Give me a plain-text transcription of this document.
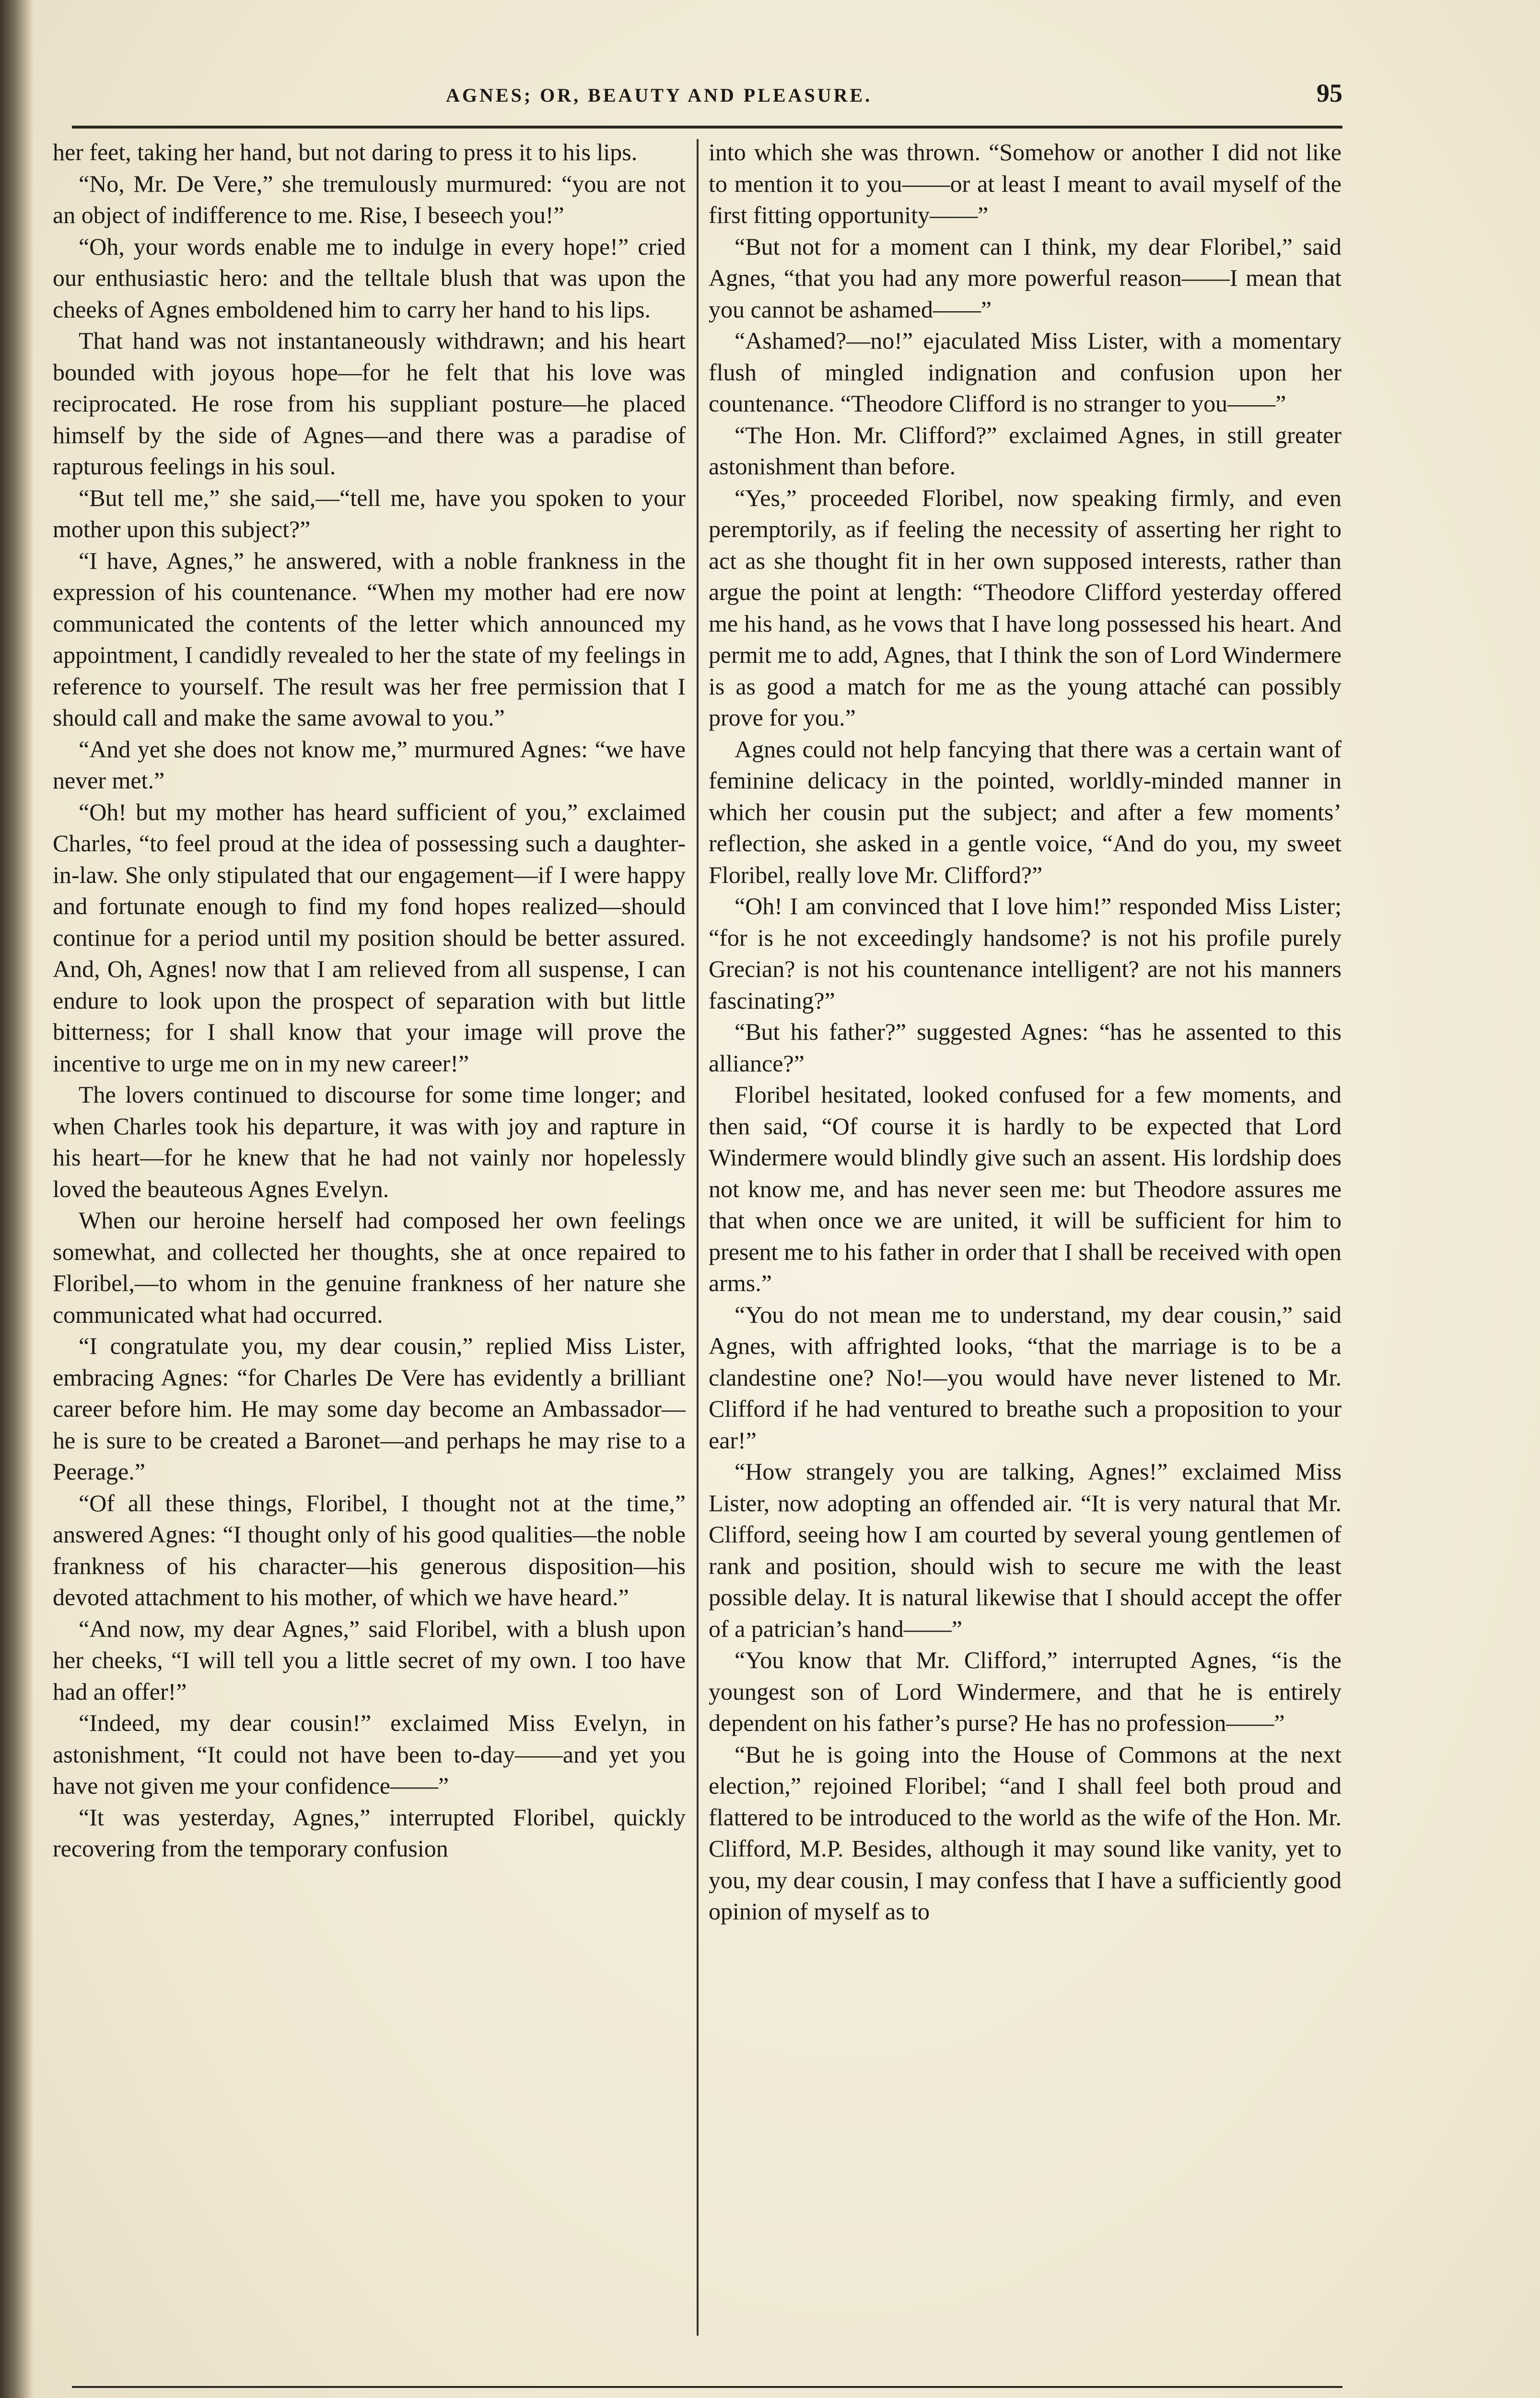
AGNES; OR, BEAUTY AND PLEASURE.	95

her feet, taking her hand, but not daring to press it to his lips.

“No, Mr. De Vere,” she tremulously murmured: “you are not an object of indifference to me. Rise, I beseech you!”

“Oh, your words enable me to indulge in every hope!” cried our enthusiastic hero: and the telltale blush that was upon the cheeks of Agnes emboldened him to carry her hand to his lips.

That hand was not instantaneously withdrawn; and his heart bounded with joyous hope—for he felt that his love was reciprocated. He rose from his suppliant posture—he placed himself by the side of Agnes—and there was a paradise of rapturous feelings in his soul.

“But tell me,” she said,—“tell me, have you spoken to your mother upon this subject?”

“I have, Agnes,” he answered, with a noble frankness in the expression of his countenance. “When my mother had ere now communicated the contents of the letter which announced my appointment, I candidly revealed to her the state of my feelings in reference to yourself. The result was her free permission that I should call and make the same avowal to you.”

“And yet she does not know me,” murmured Agnes: “we have never met.”

“Oh! but my mother has heard sufficient of you,” exclaimed Charles, “to feel proud at the idea of possessing such a daughter-in-law. She only stipulated that our engagement—if I were happy and fortunate enough to find my fond hopes realized—should continue for a period until my position should be better assured. And, Oh, Agnes! now that I am relieved from all suspense, I can endure to look upon the prospect of separation with but little bitterness; for I shall know that your image will prove the incentive to urge me on in my new career!”

The lovers continued to discourse for some time longer; and when Charles took his departure, it was with joy and rapture in his heart—for he knew that he had not vainly nor hopelessly loved the beauteous Agnes Evelyn.

When our heroine herself had composed her own feelings somewhat, and collected her thoughts, she at once repaired to Floribel,—to whom in the genuine frankness of her nature she communicated what had occurred.

“I congratulate you, my dear cousin,” replied Miss Lister, embracing Agnes: “for Charles De Vere has evidently a brilliant career before him. He may some day become an Ambassador—he is sure to be created a Baronet—and perhaps he may rise to a Peerage.”

“Of all these things, Floribel, I thought not at the time,” answered Agnes: “I thought only of his good qualities—the noble frankness of his character—his generous disposition—his devoted attachment to his mother, of which we have heard.”

“And now, my dear Agnes,” said Floribel, with a blush upon her cheeks, “I will tell you a little secret of my own. I too have had an offer!”

“Indeed, my dear cousin!” exclaimed Miss Evelyn, in astonishment, “It could not have been to-day——and yet you have not given me your confidence——”

“It was yesterday, Agnes,” interrupted Floribel, quickly recovering from the temporary confusion

into which she was thrown. “Somehow or another I did not like to mention it to you——or at least I meant to avail myself of the first fitting opportunity——”

“But not for a moment can I think, my dear Floribel,” said Agnes, “that you had any more powerful reason——I mean that you cannot be ashamed——”

“Ashamed?—no!” ejaculated Miss Lister, with a momentary flush of mingled indignation and confusion upon her countenance. “Theodore Clifford is no stranger to you——”

“The Hon. Mr. Clifford?” exclaimed Agnes, in still greater astonishment than before.

“Yes,” proceeded Floribel, now speaking firmly, and even peremptorily, as if feeling the necessity of asserting her right to act as she thought fit in her own supposed interests, rather than argue the point at length: “Theodore Clifford yesterday offered me his hand, as he vows that I have long possessed his heart. And permit me to add, Agnes, that I think the son of Lord Windermere is as good a match for me as the young attaché can possibly prove for you.”

Agnes could not help fancying that there was a certain want of feminine delicacy in the pointed, worldly-minded manner in which her cousin put the subject; and after a few moments’ reflection, she asked in a gentle voice, “And do you, my sweet Floribel, really love Mr. Clifford?”

“Oh! I am convinced that I love him!” responded Miss Lister; “for is he not exceedingly handsome? is not his profile purely Grecian? is not his countenance intelligent? are not his manners fascinating?”

“But his father?” suggested Agnes: “has he assented to this alliance?”

Floribel hesitated, looked confused for a few moments, and then said, “Of course it is hardly to be expected that Lord Windermere would blindly give such an assent. His lordship does not know me, and has never seen me: but Theodore assures me that when once we are united, it will be sufficient for him to present me to his father in order that I shall be received with open arms.”

“You do not mean me to understand, my dear cousin,” said Agnes, with affrighted looks, “that the marriage is to be a clandestine one? No!—you would have never listened to Mr. Clifford if he had ventured to breathe such a proposition to your ear!”

“How strangely you are talking, Agnes!” exclaimed Miss Lister, now adopting an offended air. “It is very natural that Mr. Clifford, seeing how I am courted by several young gentlemen of rank and position, should wish to secure me with the least possible delay. It is natural likewise that I should accept the offer of a patrician’s hand——”

“You know that Mr. Clifford,” interrupted Agnes, “is the youngest son of Lord Windermere, and that he is entirely dependent on his father’s purse? He has no profession——”

“But he is going into the House of Commons at the next election,” rejoined Floribel; “and I shall feel both proud and flattered to be introduced to the world as the wife of the Hon. Mr. Clifford, M.P. Besides, although it may sound like vanity, yet to you, my dear cousin, I may confess that I have a sufficiently good opinion of myself as to
